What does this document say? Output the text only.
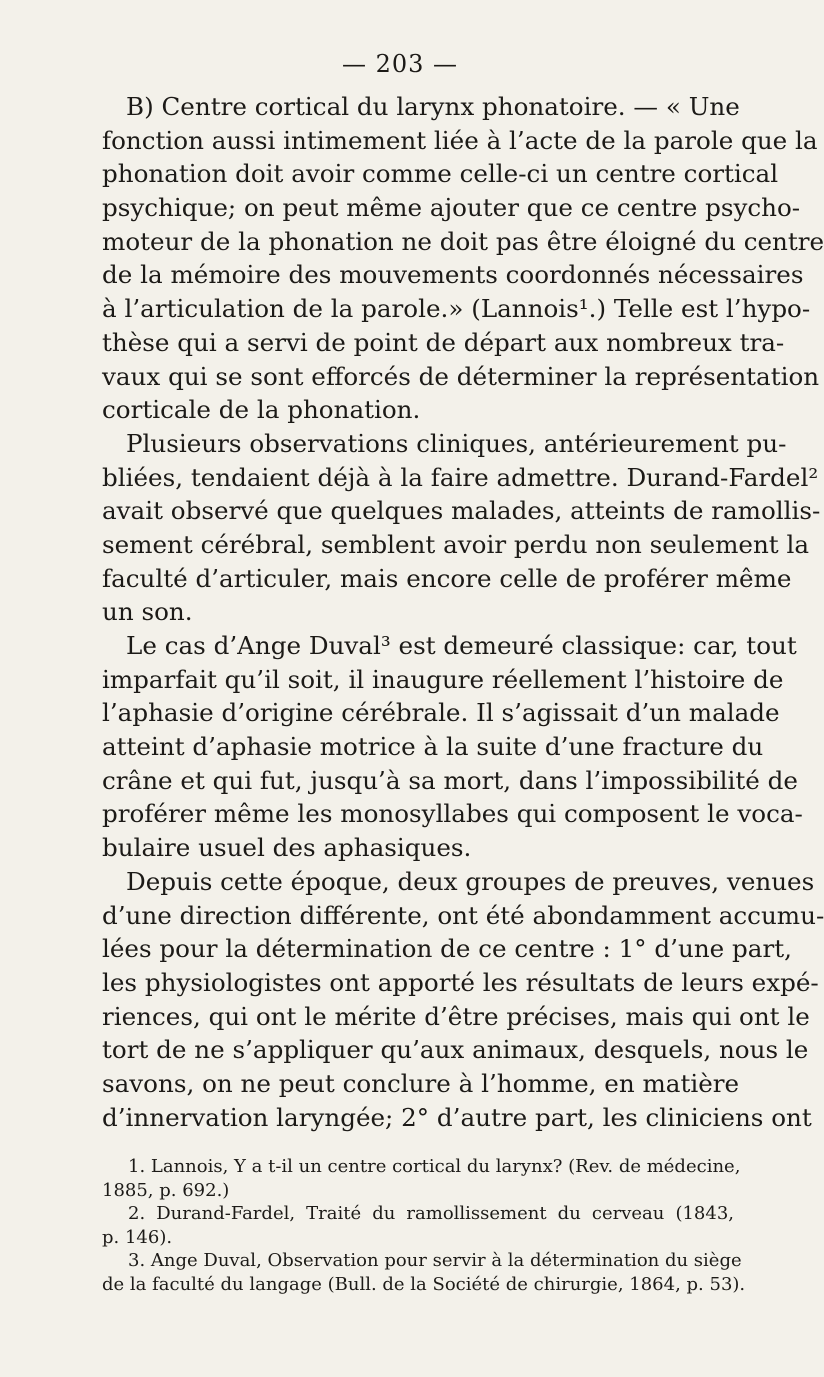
— 203 —
B) Centre cortical du larynx phonatoire. — « Une
fonction aussi intimement liée à l’acte de la parole que la
phonation doit avoir comme celle-ci un centre cortical
psychique; on peut même ajouter que ce centre psycho-
moteur de la phonation ne doit pas être éloigné du centre
de la mémoire des mouvements coordonnés nécessaires
à l’articulation de la parole.» (Lannois¹.) Telle est l’hypo-
thèse qui a servi de point de départ aux nombreux tra-
vaux qui se sont efforcés de déterminer la représentation
corticale de la phonation.
Plusieurs observations cliniques, antérieurement pu-
bliées, tendaient déjà à la faire admettre. Durand-Fardel²
avait observé que quelques malades, atteints de ramollis-
sement cérébral, semblent avoir perdu non seulement la
faculté d’articuler, mais encore celle de proférer même
un son.
Le cas d’Ange Duval³ est demeuré classique: car, tout
imparfait qu’il soit, il inaugure réellement l’histoire de
l’aphasie d’origine cérébrale. Il s’agissait d’un malade
atteint d’aphasie motrice à la suite d’une fracture du
crâne et qui fut, jusqu’à sa mort, dans l’impossibilité de
proférer même les monosyllabes qui composent le voca-
bulaire usuel des aphasiques.
Depuis cette époque, deux groupes de preuves, venues
d’une direction différente, ont été abondamment accumu-
lées pour la détermination de ce centre : 1° d’une part,
les physiologistes ont apporté les résultats de leurs expé-
riences, qui ont le mérite d’être précises, mais qui ont le
tort de ne s’appliquer qu’aux animaux, desquels, nous le
savons, on ne peut conclure à l’homme, en matière
d’innervation laryngée; 2° d’autre part, les cliniciens ont
1. Lannois, Y a t-il un centre cortical du larynx? (Rev. de médecine,
1885, p. 692.)
2. Durand-Fardel, Traité du ramollissement du cerveau (1843,
p. 146).
3. Ange Duval, Observation pour servir à la détermination du siège
de la faculté du langage (Bull. de la Société de chirurgie, 1864, p. 53).
